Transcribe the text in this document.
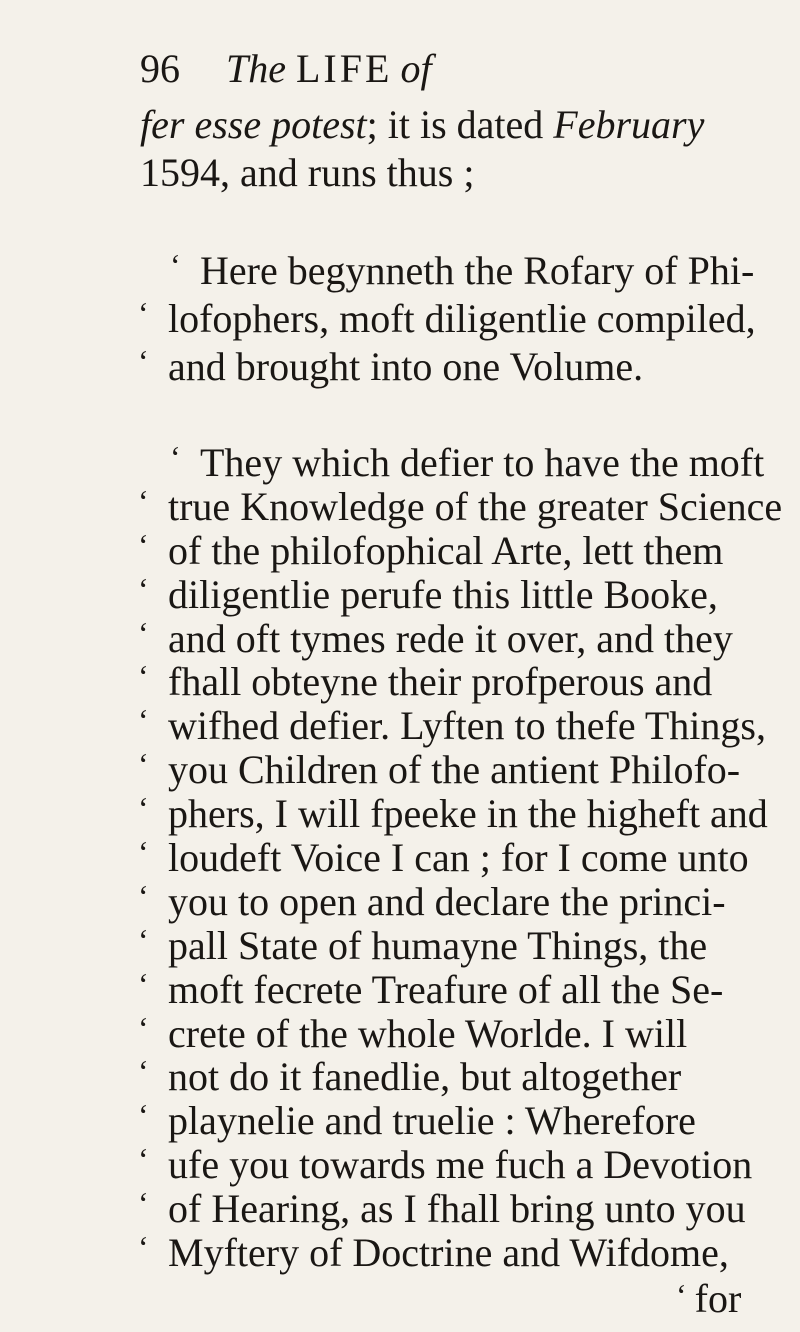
96 The LIFE of
fer esse potest; it is dated February
1594, and runs thus ;
‘ Here begynneth the Rofary of Phi-
‘ lofophers, moft diligentlie compiled,
‘ and brought into one Volume.
‘ They which defier to have the moft
‘ true Knowledge of the greater Science
‘ of the philofophical Arte, lett them
‘ diligentlie perufe this little Booke,
‘ and oft tymes rede it over, and they
‘ fhall obteyne their profperous and
‘ wifhed defier. Lyften to thefe Things,
‘ you Children of the antient Philofo-
‘ phers, I will fpeeke in the higheft and
‘ loudeft Voice I can ; for I come unto
‘ you to open and declare the princi-
‘ pall State of humayne Things, the
‘ moft fecrete Treafure of all the Se-
‘ crete of the whole Worlde. I will
‘ not do it fanedlie, but altogether
‘ playnelie and truelie : Wherefore
‘ ufe you towards me fuch a Devotion
‘ of Hearing, as I fhall bring unto you
‘ Myftery of Doctrine and Wifdome,
‘ for
